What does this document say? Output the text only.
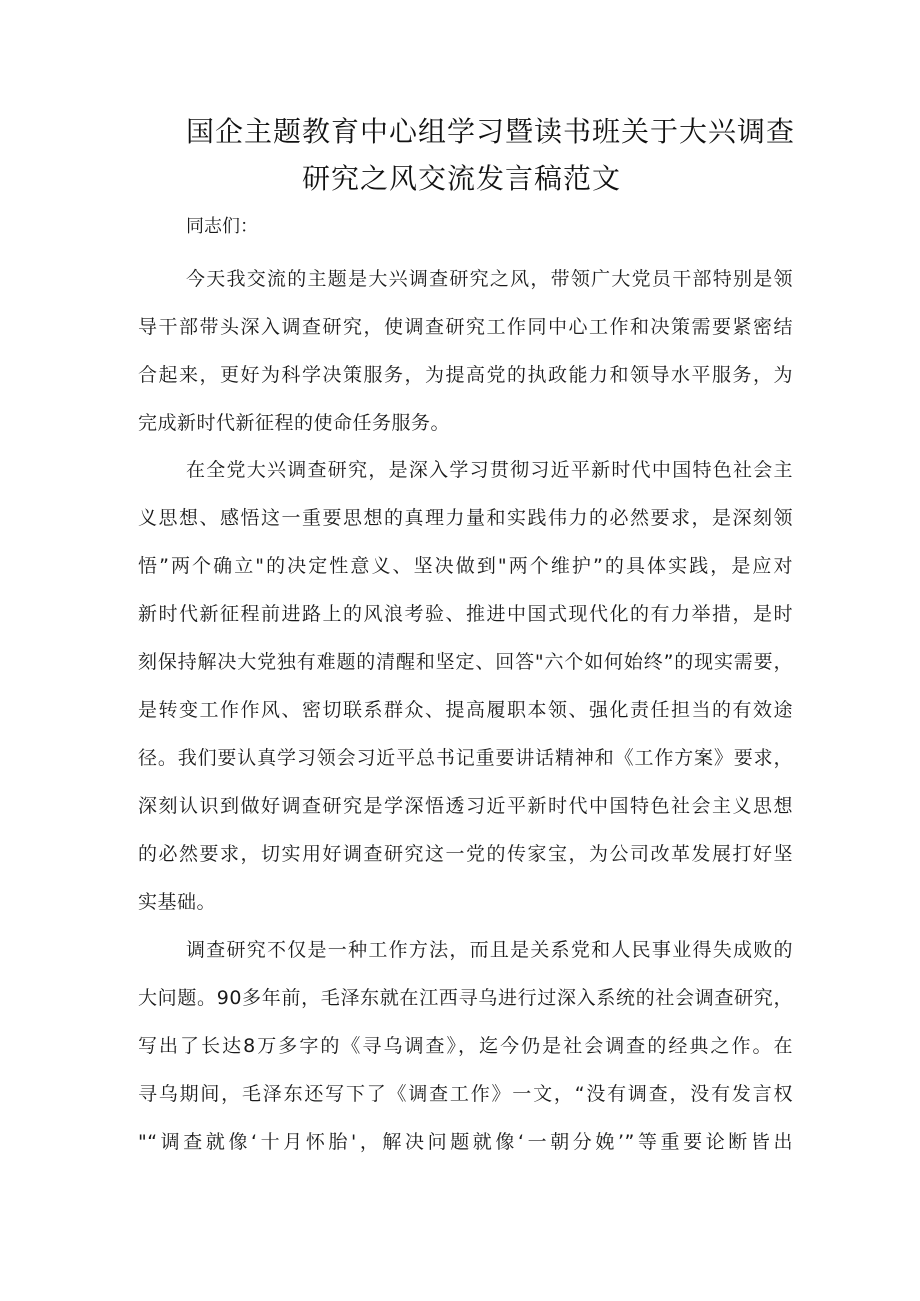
国企主题教育中心组学习暨读书班关于大兴调查
研究之风交流发言稿范文
同志们：
今天我交流的主题是大兴调查研究之风，带领广大党员干部特别是领
导干部带头深入调查研究，使调查研究工作同中心工作和决策需要紧密结
合起来，更好为科学决策服务，为提高党的执政能力和领导水平服务，为
完成新时代新征程的使命任务服务。
在全党大兴调查研究，是深入学习贯彻习近平新时代中国特色社会主
义思想、感悟这一重要思想的真理力量和实践伟力的必然要求，是深刻领
悟”两个确立"的决定性意义、坚决做到"两个维护”的具体实践，是应对
新时代新征程前进路上的风浪考验、推进中国式现代化的有力举措，是时
刻保持解决大党独有难题的清醒和坚定、回答"六个如何始终”的现实需要，
是转变工作作风、密切联系群众、提高履职本领、强化责任担当的有效途
径。我们要认真学习领会习近平总书记重要讲话精神和《工作方案》要求，
深刻认识到做好调查研究是学深悟透习近平新时代中国特色社会主义思想
的必然要求，切实用好调查研究这一党的传家宝，为公司改革发展打好坚
实基础。
调查研究不仅是一种工作方法，而且是关系党和人民事业得失成败的
大问题。90多年前，毛泽东就在江西寻乌进行过深入系统的社会调查研究，
写出了长达8万多字的《寻乌调查》，迄今仍是社会调查的经典之作。在
寻乌期间，毛泽东还写下了《调查工作》一文，“没有调查，没有发言权
"“调查就像‘十月怀胎'，解决问题就像‘一朝分娩’”等重要论断皆出
